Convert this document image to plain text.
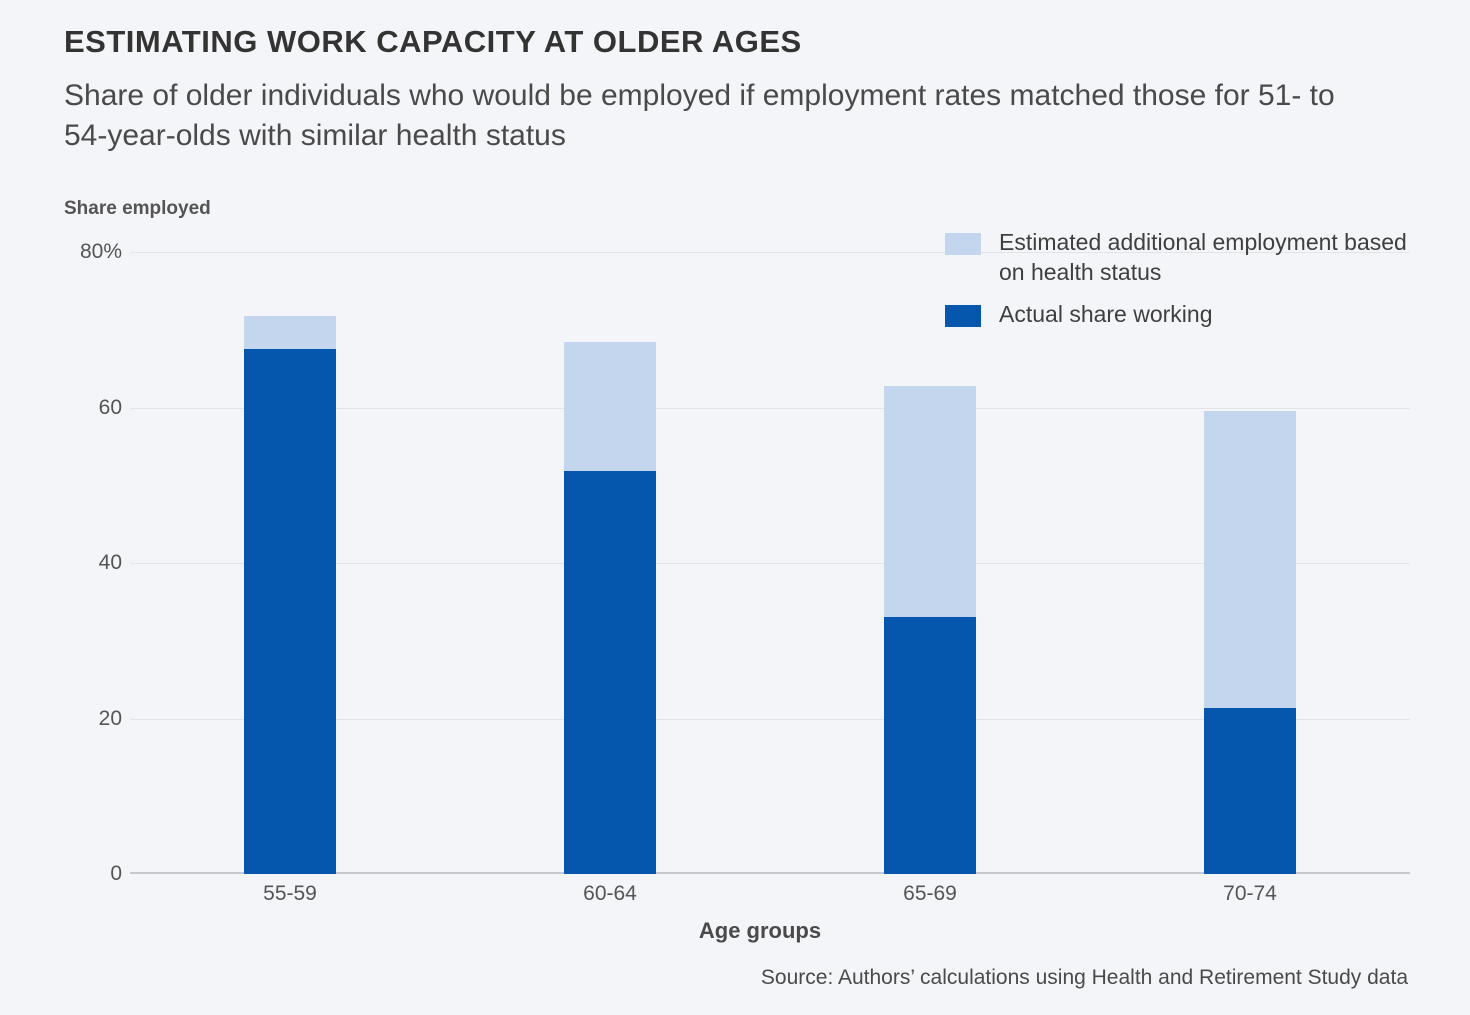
ESTIMATING WORK CAPACITY AT OLDER AGES
Share of older individuals who would be employed if employment rates matched those for 51- to 54-year-olds with similar health status
Share employed
0
20
40
60
80%
55-59	60-64	65-69	70-74
Estimated additional employment based on health status
Actual share working
Age groups
Source: Authors’ calculations using Health and Retirement Study data
